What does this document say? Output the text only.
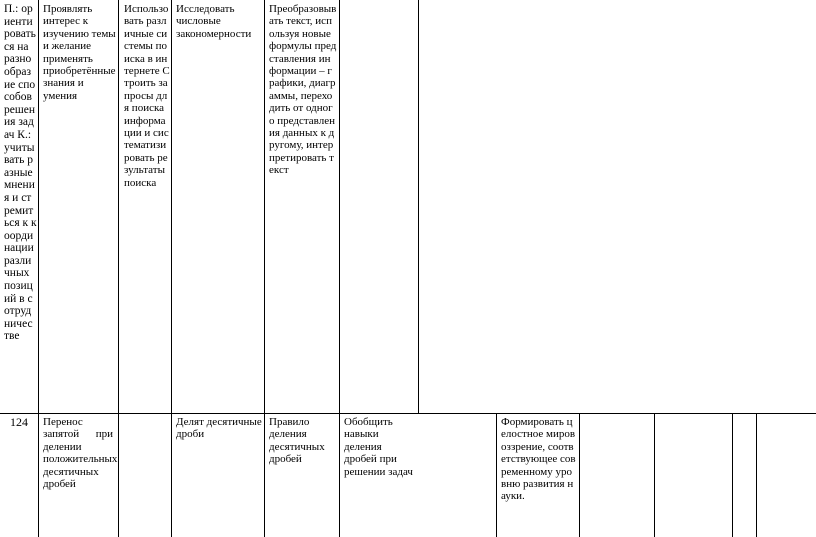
П.: ориентироваться на разнообразие способов решения задач К.: учитывать разные мнения и стремиться к координации различных позиций в сотрудничестве
Проявлять интерес к изучению темы и желание применять приобретённые знания и умения
Использовать различные системы поиска в интернете Строить запросы для поиска информации и систематизировать результаты поиска
Исследовать числовые закономерности
Преобразовывать текст, используя новые формулы представления информации – графики, диаграммы, переходить от одного представления данных к другому, интерпретировать текст
124	Перенос запятой при делении положительных десятичных дробей
Делят десятичные дроби
Правило деления десятичных дробей
Обобщить навыки деления дробей при решении задач
Формировать целостное мировоззрение, соответствующее современному уровню развития науки.
